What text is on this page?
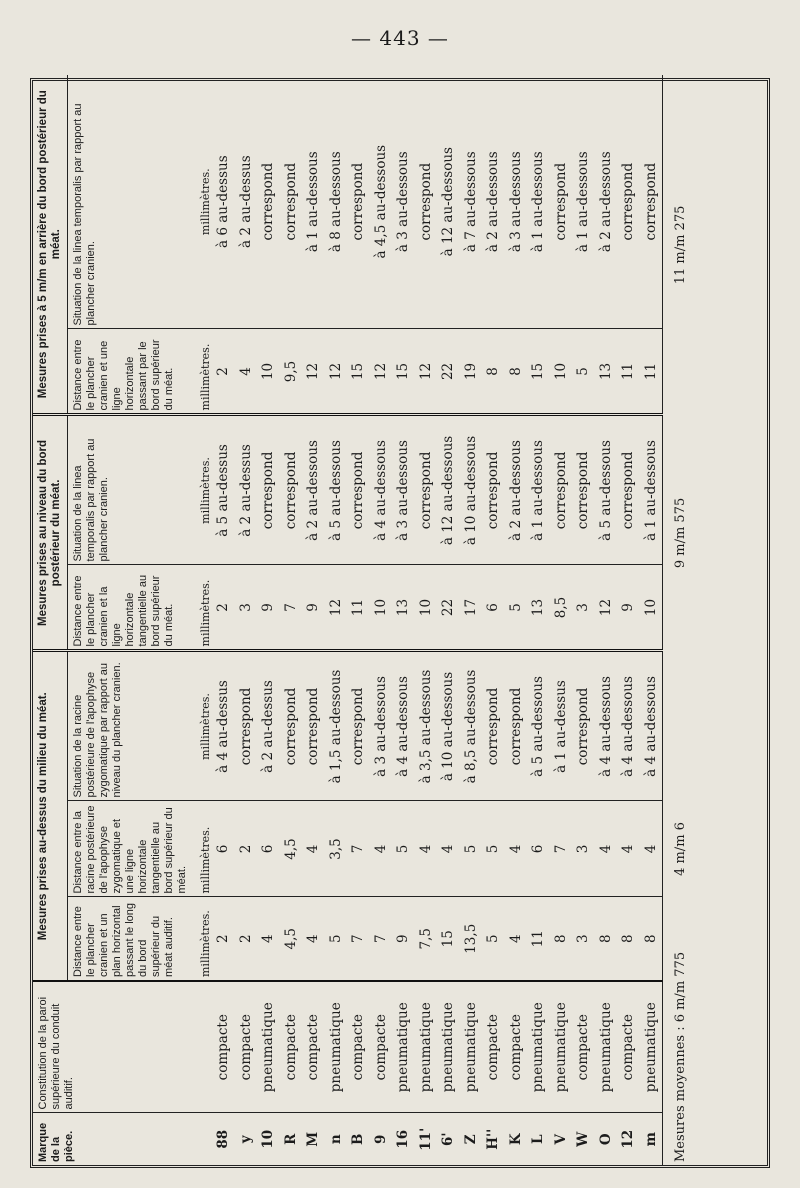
— 443 —
Marque de la pièce.	Constitution de la paroi supérieure du conduit auditif.	Mesures prises au-dessus du milieu du méat.			Mesures prises au niveau du bord postérieur du méat.		Mesures prises à 5 m/m en arrière du bord postérieur du méat.	
		Distance entre le plancher cranien et un plan horizontal passant le long du bord supérieur du méat auditif.	Distance entre la racine postérieure de l'apophyse zygomatique et une ligne horizontale tangentielle au bord supérieur du méat.	Situation de la racine postérieure de l'apophyse zygomatique par rapport au niveau du plancher cranien.	Distance entre le plancher cranien et la ligne horizontale tangentielle au bord supérieur du méat.	Situation de la linea temporalis par rapport au plancher cranien.	Distance entre le plancher cranien et une ligne horizontale passant par le bord supérieur du méat.	Situation de la linea temporalis par rapport au plancher cranien.
		millimètres.	millimètres.	millimètres.	millimètres.	millimètres.	millimètres.	millimètres.
88	compacte	2	6	à 4 au-dessus	2	à 5 au-dessus	2	à 6 au-dessus
y	compacte	2	2	correspond	3	à 2 au-dessus	4	à 2 au-dessus
10	pneumatique	4	6	à 2 au-dessus	9	correspond	10	correspond
R	compacte	4,5	4,5	correspond	7	correspond	9,5	correspond
M	compacte	4	4	correspond	9	à 2 au-dessous	12	à 1 au-dessous
n	pneumatique	5	3,5	à 1,5 au-dessous	12	à 5 au-dessous	12	à 8 au-dessous
B	compacte	7	7	correspond	11	correspond	15	correspond
9	compacte	7	4	à 3 au-dessous	10	à 4 au-dessous	12	à 4,5 au-dessous
16	pneumatique	9	5	à 4 au-dessous	13	à 3 au-dessous	15	à 3 au-dessous
11'	pneumatique	7,5	4	à 3,5 au-dessous	10	correspond	12	correspond
6'	pneumatique	15	4	à 10 au-dessous	22	à 12 au-dessous	22	à 12 au-dessous
Z	pneumatique	13,5	5	à 8,5 au-dessous	17	à 10 au-dessous	19	à 7 au-dessous
H''	compacte	5	5	correspond	6	correspond	8	à 2 au-dessous
K	compacte	4	4	correspond	5	à 2 au-dessous	8	à 3 au-dessous
L	pneumatique	11	6	à 5 au-dessous	13	à 1 au-dessous	15	à 1 au-dessous
V	pneumatique	8	7	à 1 au-dessus	8,5	correspond	10	correspond
W	compacte	3	3	correspond	3	correspond	5	à 1 au-dessous
O	pneumatique	8	4	à 4 au-dessous	12	à 5 au-dessous	13	à 2 au-dessous
12	compacte	8	4	à 4 au-dessous	9	correspond	11	correspond
m	pneumatique	8	4	à 4 au-dessous	10	à 1 au-dessous	11	correspond
Mesures moyennes : 6 m/m 775			4 m/m 6		9 m/m 575		11 m/m 275	
